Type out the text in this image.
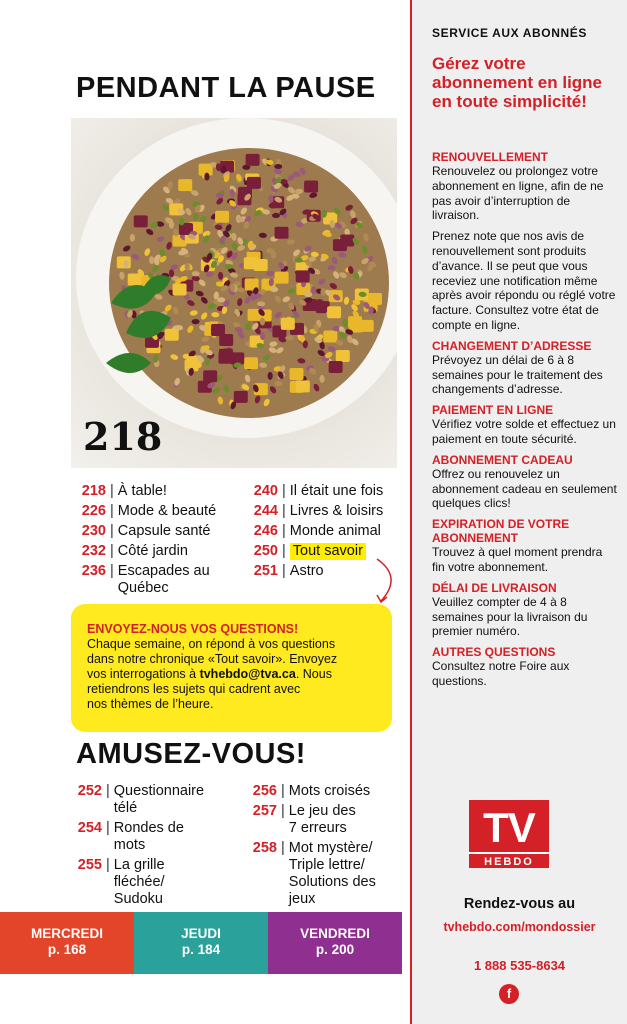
PENDANT LA PAUSE
218
218 | À table!
226 | Mode & beauté
230 | Capsule santé
232 | Côté jardin
236 | Escapades au
Québec
240 | Il était une fois
244 | Livres & loisirs
246 | Monde animal
250 | Tout savoir
251 | Astro
ENVOYEZ-NOUS VOS QUESTIONS!
Chaque semaine, on répond à vos questions
dans notre chronique «Tout savoir». Envoyez
vos interrogations à tvhebdo@tva.ca. Nous
retiendrons les sujets qui cadrent avec
nos thèmes de l’heure.
AMUSEZ-VOUS!
252 | Questionnaire
télé
254 | Rondes de
mots
255 | La grille
fléchée/
Sudoku
256 | Mots croisés
257 | Le jeu des
7 erreurs
258 | Mot mystère/
Triple lettre/
Solutions des
jeux
MERCREDI
p. 168
JEUDI
p. 184
VENDREDI
p. 200
SERVICE AUX ABONNÉS
Gérez votre abonnement en ligne en toute simplicité!
RENOUVELLEMENT
Renouvelez ou prolongez votre abonnement en ligne, afin de ne pas avoir d’interruption de livraison.
Prenez note que nos avis de renouvellement sont produits d’avance. Il se peut que vous receviez une notification même après avoir répondu ou réglé votre facture. Consultez votre état de compte en ligne.
CHANGEMENT D’ADRESSE
Prévoyez un délai de 6 à 8 semaines pour le traitement des changements d’adresse.
PAIEMENT EN LIGNE
Vérifiez votre solde et effectuez un paiement en toute sécurité.
ABONNEMENT CADEAU
Offrez ou renouvelez un abonnement cadeau en seulement quelques clics!
EXPIRATION DE VOTRE ABONNEMENT
Trouvez à quel moment prendra fin votre abonnement.
DÉLAI DE LIVRAISON
Veuillez compter de 4 à 8 semaines pour la livraison du premier numéro.
AUTRES QUESTIONS
Consultez notre Foire aux questions.
TV
HEBDO
Rendez-vous au
tvhebdo.com/mondossier
1 888 535-8634
f
